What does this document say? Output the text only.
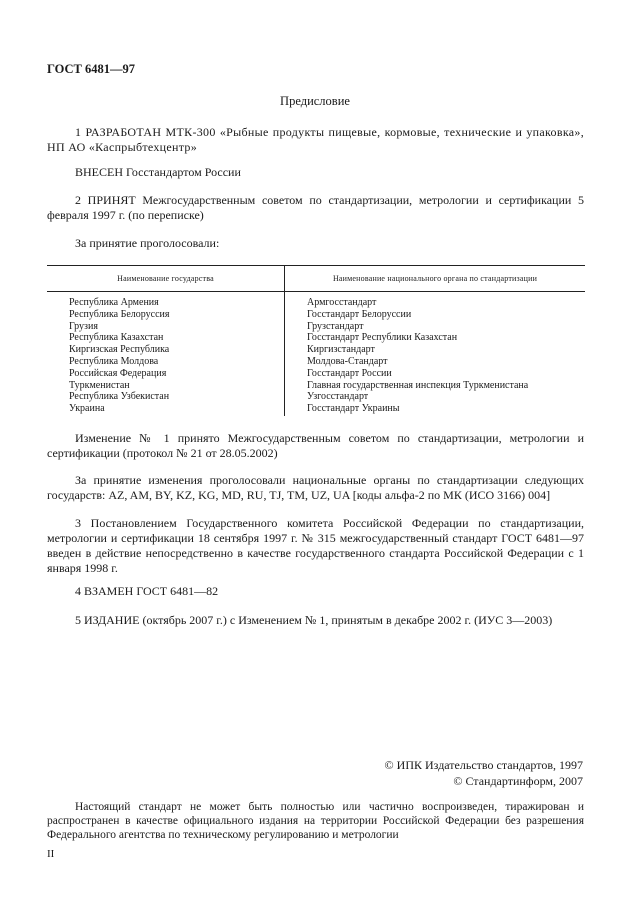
ГОСТ 6481—97
Предисловие
1 РАЗРАБОТАН МТК-300 «Рыбные продукты пищевые, кормовые, технические и упаковка», НП АО «Каспрыбтехцентр»
ВНЕСЕН Госстандартом России
2 ПРИНЯТ Межгосударственным советом по стандартизации, метрологии и сертификации 5 февраля 1997 г. (по переписке)
За принятие проголосовали:
Наименование государства	Наименование национального органа по стандартизации
Республика Армения	Армгосстандарт
Республика Белоруссия	Госстандарт Белоруссии
Грузия	Грузстандарт
Республика Казахстан	Госстандарт Республики Казахстан
Киргизская Республика	Киргизстандарт
Республика Молдова	Молдова-Стандарт
Российская Федерация	Госстандарт России
Туркменистан	Главная государственная инспекция Туркменистана
Республика Узбекистан	Узгосстандарт
Украина	Госстандарт Украины
Изменение № 1 принято Межгосударственным советом по стандартизации, метрологии и сертификации (протокол № 21 от 28.05.2002)
За принятие изменения проголосовали национальные органы по стандартизации следующих государств: AZ, AM, BY, KZ, KG, MD, RU, TJ, TM, UZ, UA [коды альфа-2 по МК (ИСО 3166) 004]
3 Постановлением Государственного комитета Российской Федерации по стандартизации, метрологии и сертификации 18 сентября 1997 г. № 315 межгосударственный стандарт ГОСТ 6481—97 введен в действие непосредственно в качестве государственного стандарта Российской Федерации с 1 января 1998 г.
4 ВЗАМЕН ГОСТ 6481—82
5 ИЗДАНИЕ (октябрь 2007 г.) с Изменением № 1, принятым в декабре 2002 г. (ИУС 3—2003)
© ИПК Издательство стандартов, 1997
© Стандартинформ, 2007
Настоящий стандарт не может быть полностью или частично воспроизведен, тиражирован и распространен в качестве официального издания на территории Российской Федерации без разрешения Федерального агентства по техническому регулированию и метрологии
II
